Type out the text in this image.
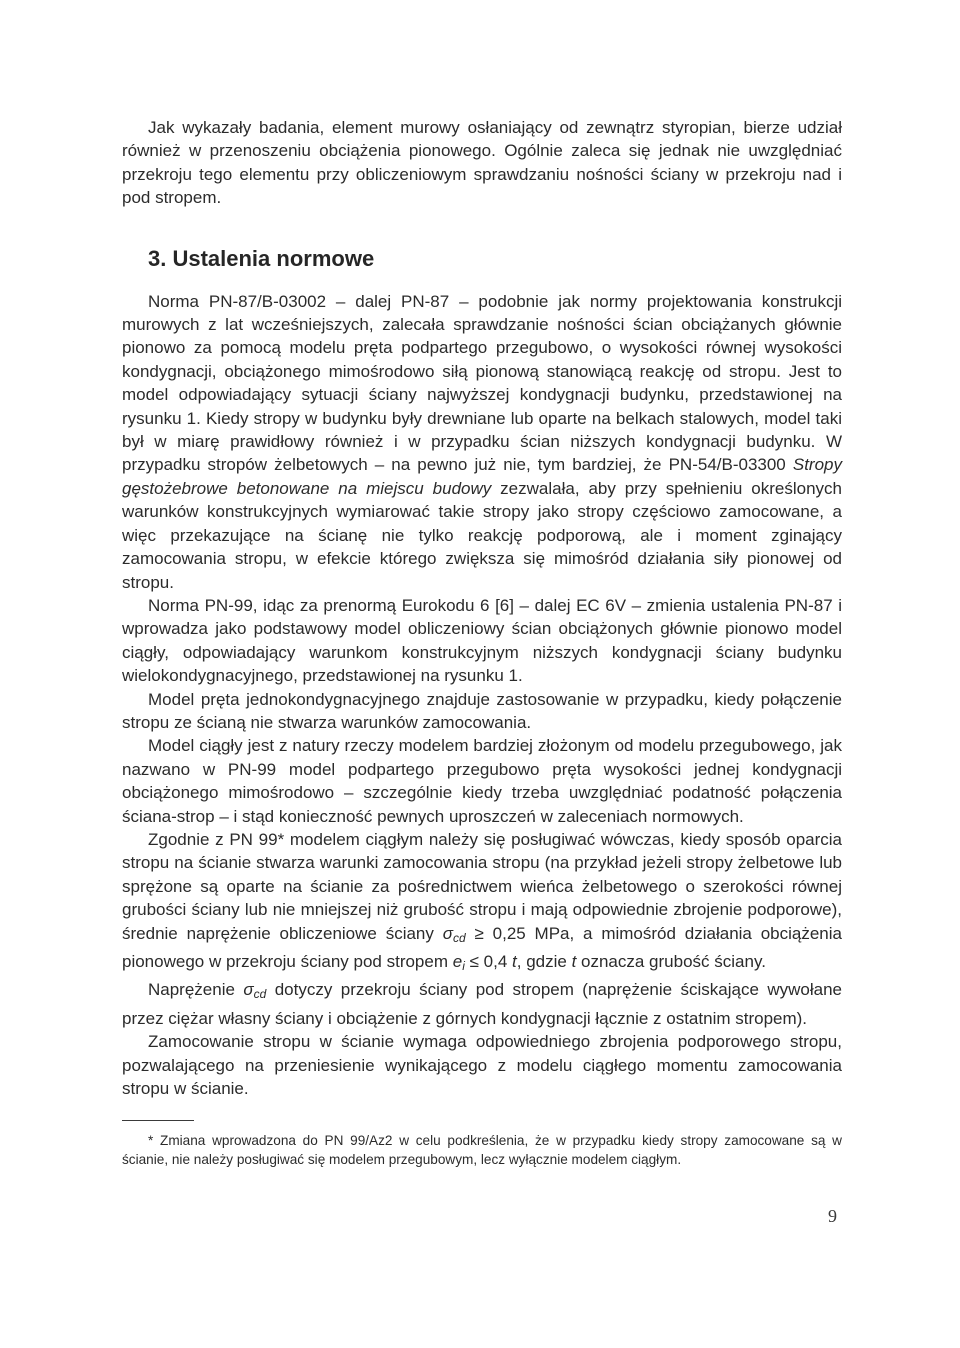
Jak wykazały badania, element murowy osłaniający od zewnątrz styropian, bierze udział również w przenoszeniu obciążenia pionowego. Ogólnie zaleca się jednak nie uwzględniać przekroju tego elementu przy obliczeniowym sprawdzaniu nośności ściany w przekroju nad i pod stropem.

3. Ustalenia normowe

Norma PN-87/B-03002 – dalej PN-87 – podobnie jak normy projektowania konstrukcji murowych z lat wcześniejszych, zalecała sprawdzanie nośności ścian obciążanych głównie pionowo za pomocą modelu pręta podpartego przegubowo, o wysokości równej wysokości kondygnacji, obciążonego mimośrodowo siłą pionową stanowiącą reakcję od stropu. Jest to model odpowiadający sytuacji ściany najwyższej kondygnacji budynku, przedstawionej na rysunku 1. Kiedy stropy w budynku były drewniane lub oparte na belkach stalowych, model taki był w miarę prawidłowy również i w przypadku ścian niższych kondygnacji budynku. W przypadku stropów żelbetowych – na pewno już nie, tym bardziej, że PN-54/B-03300 Stropy gęstożebrowe betonowane na miejscu budowy zezwalała, aby przy spełnieniu określonych warunków konstrukcyjnych wymiarować takie stropy jako stropy częściowo zamocowane, a więc przekazujące na ścianę nie tylko reakcję podporową, ale i moment zginający zamocowania stropu, w efekcie którego zwiększa się mimośród działania siły pionowej od stropu.

Norma PN-99, idąc za prenormą Eurokodu 6 [6] – dalej EC 6V – zmienia ustalenia PN-87 i wprowadza jako podstawowy model obliczeniowy ścian obciążonych głównie pionowo model ciągły, odpowiadający warunkom konstrukcyjnym niższych kondygnacji ściany budynku wielokondygnacyjnego, przedstawionej na rysunku 1.

Model pręta jednokondygnacyjnego znajduje zastosowanie w przypadku, kiedy połączenie stropu ze ścianą nie stwarza warunków zamocowania.

Model ciągły jest z natury rzeczy modelem bardziej złożonym od modelu przegubowego, jak nazwano w PN-99 model podpartego przegubowo pręta wysokości jednej kondygnacji obciążonego mimośrodowo – szczególnie kiedy trzeba uwzględniać podatność połączenia ściana-strop – i stąd konieczność pewnych uproszczeń w zaleceniach normowych.

Zgodnie z PN 99* modelem ciągłym należy się posługiwać wówczas, kiedy sposób oparcia stropu na ścianie stwarza warunki zamocowania stropu (na przykład jeżeli stropy żelbetowe lub sprężone są oparte na ścianie za pośrednictwem wieńca żelbetowego o szerokości równej grubości ściany lub nie mniejszej niż grubość stropu i mają odpowiednie zbrojenie podporowe), średnie naprężenie obliczeniowe ściany $\sigma_{cd} \ge 0,25$ MPa, a mimośród działania obciążenia pionowego w przekroju ściany pod stropem $e_i \le 0,4$ t, gdzie t oznacza grubość ściany.

Naprężenie $\sigma_{cd}$ dotyczy przekroju ściany pod stropem (naprężenie ściskające wywołane przez ciężar własny ściany i obciążenie z górnych kondygnacji łącznie z ostatnim stropem).

Zamocowanie stropu w ścianie wymaga odpowiedniego zbrojenia podporowego stropu, pozwalającego na przeniesienie wynikającego z modelu ciągłego momentu zamocowania stropu w ścianie.

* Zmiana wprowadzona do PN 99/Az2 w celu podkreślenia, że w przypadku kiedy stropy zamocowane są w ścianie, nie należy posługiwać się modelem przegubowym, lecz wyłącznie modelem ciągłym.

9
